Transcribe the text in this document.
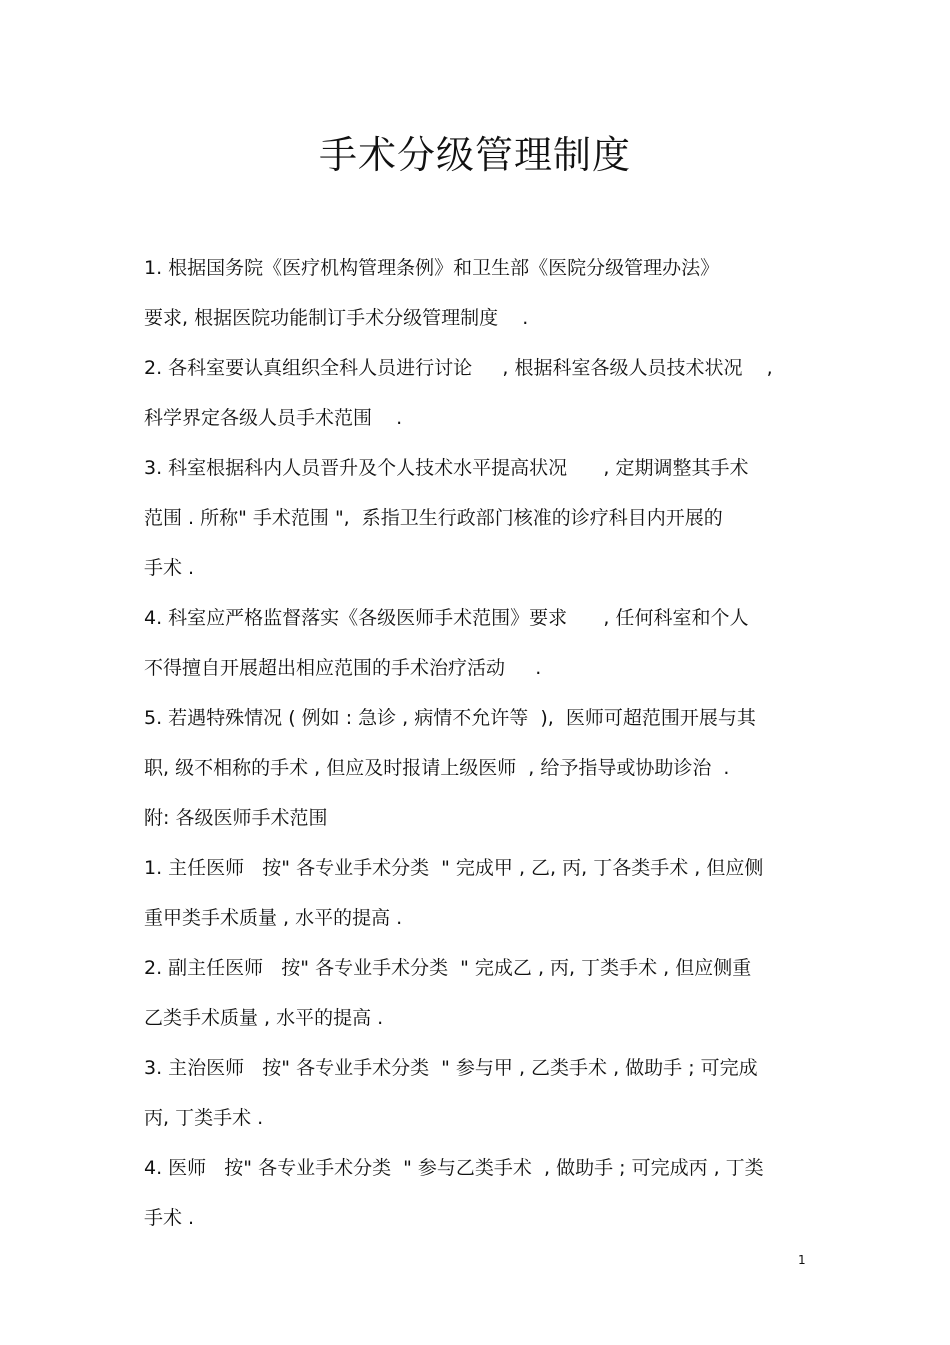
手术分级管理制度
1. 根据国务院《医疗机构管理条例》和卫生部《医院分级管理办法》
要求, 根据医院功能制订手术分级管理制度    .
2. 各科室要认真组织全科人员进行讨论     , 根据科室各级人员技术状况    ,
科学界定各级人员手术范围    .
3. 科室根据科内人员晋升及个人技术水平提高状况      , 定期调整其手术
范围 . 所称" 手术范围 ",  系指卫生行政部门核准的诊疗科目内开展的
手术 .
4. 科室应严格监督落实《各级医师手术范围》要求      , 任何科室和个人
不得擅自开展超出相应范围的手术治疗活动     .
5. 若遇特殊情况 ( 例如 : 急诊 , 病情不允许等  ),  医师可超范围开展与其
职, 级不相称的手术 , 但应及时报请上级医师  , 给予指导或协助诊治  .
附: 各级医师手术范围
1. 主任医师   按" 各专业手术分类  " 完成甲 , 乙, 丙, 丁各类手术 , 但应侧
重甲类手术质量 , 水平的提高 .
2. 副主任医师   按" 各专业手术分类  " 完成乙 , 丙, 丁类手术 , 但应侧重
乙类手术质量 , 水平的提高 .
3. 主治医师   按" 各专业手术分类  " 参与甲 , 乙类手术 , 做助手 ; 可完成
丙, 丁类手术 .
4. 医师   按" 各专业手术分类  " 参与乙类手术  , 做助手 ; 可完成丙 , 丁类
手术 .
1
